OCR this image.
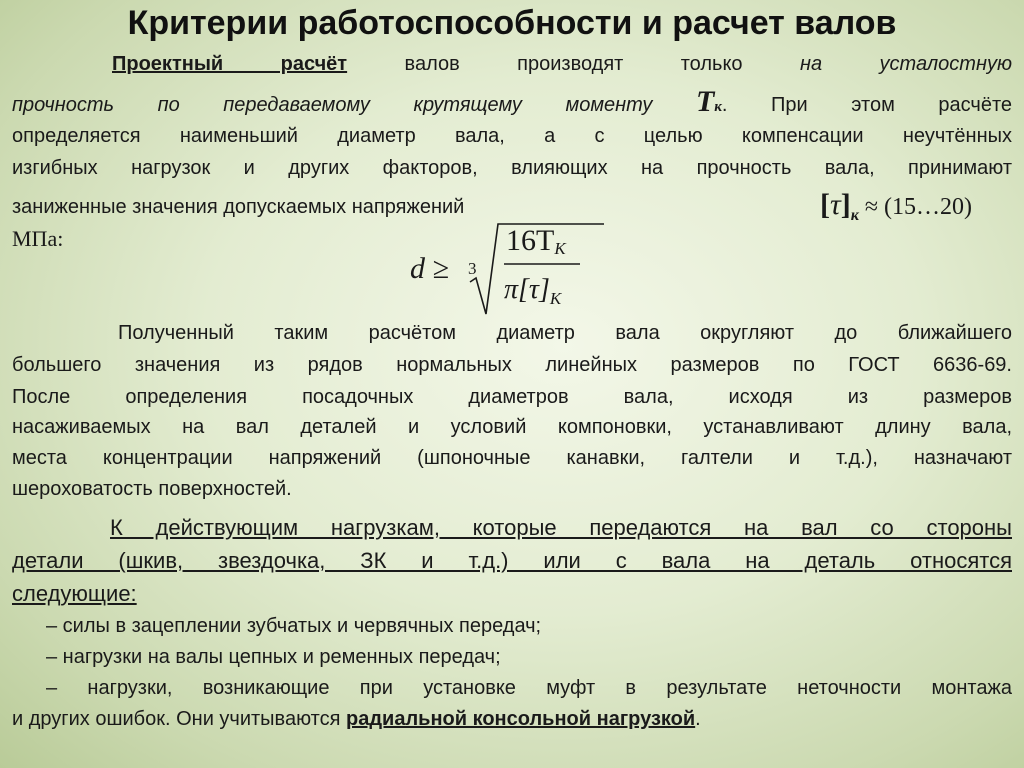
Критерии работоспособности и расчет валов
Проектный расчёт	валов производят только	на усталостную
прочность по передаваемому крутящему моменту Tк. При этом расчёте
определяется наименьший диаметр вала, а с целью компенсации неучтённых
изгибных нагрузок и других факторов, влияющих на прочность вала, принимают
заниженные значения допускаемых напряжений	$[\tau]_к$ ≈ (15…20)
МПа:
d ≥ 3
16TК
$\pi[\tau]_К$
Полученный таким расчётом диаметр вала округляют до ближайшего
большего значения из рядов нормальных линейных размеров по ГОСТ 6636-69.
После определения посадочных диаметров вала, исходя из размеров
насаживаемых на вал деталей и условий компоновки, устанавливают длину вала,
места концентрации напряжений (шпоночные канавки, галтели и т.д.), назначают
шероховатость поверхностей.
К действующим нагрузкам, которые передаются на вал со стороны
детали (шкив, звездочка, ЗК и т.д.) или с вала на деталь относятся
следующие:
– силы в зацеплении зубчатых и червячных передач;
– нагрузки на валы цепных и ременных передач;
– нагрузки, возникающие при установке муфт в результате неточности монтажа
и других ошибок. Они учитываются радиальной консольной нагрузкой.
